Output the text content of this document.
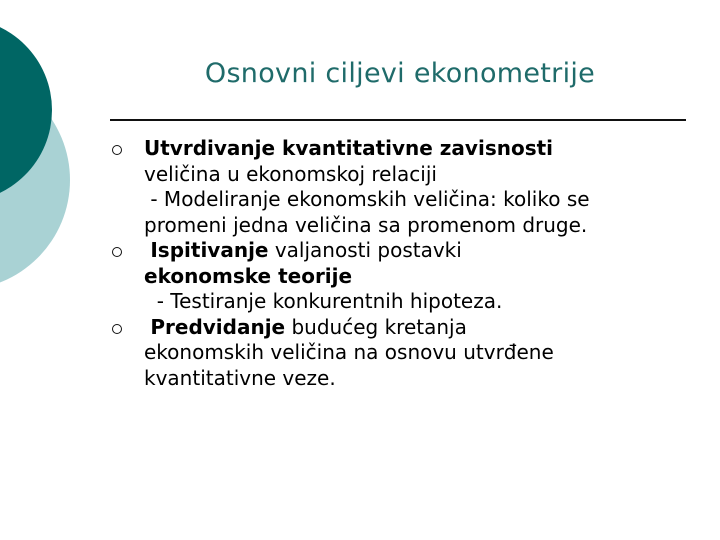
Osnovni ciljevi ekonometrije
Utvrdivanje kvantitativne zavisnosti
veličina u ekonomskoj relaciji
- Modeliranje ekonomskih veličina: koliko se
promeni jedna veličina sa promenom druge.
Ispitivanje valjanosti postavki
ekonomske teorije
- Testiranje konkurentnih hipoteza.
Predvidanje budućeg kretanja
ekonomskih veličina na osnovu utvrđene
kvantitativne veze.
